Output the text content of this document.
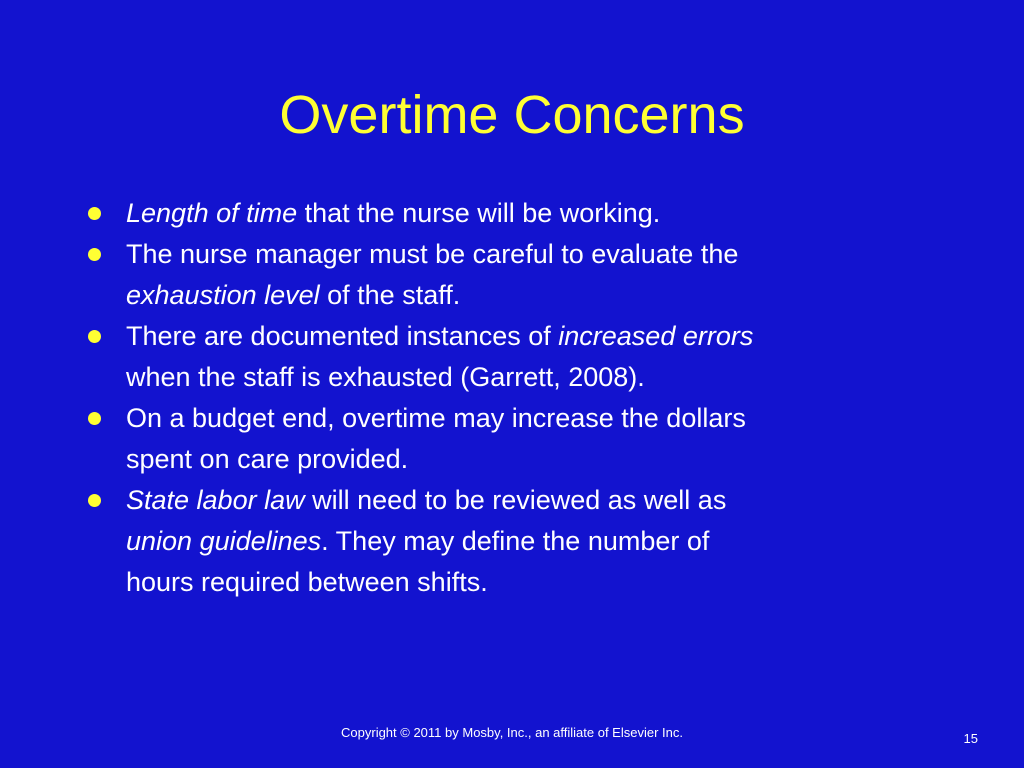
Overtime Concerns
Length of time that the nurse will be working.
The nurse manager must be careful to evaluate the
exhaustion level of the staff.
There are documented instances of increased errors
when the staff is exhausted (Garrett, 2008).
On a budget end, overtime may increase the dollars
spent on care provided.
State labor law will need to be reviewed as well as
union guidelines. They may define the number of
hours required between shifts.
Copyright © 2011 by Mosby, Inc., an affiliate of Elsevier Inc.	15
